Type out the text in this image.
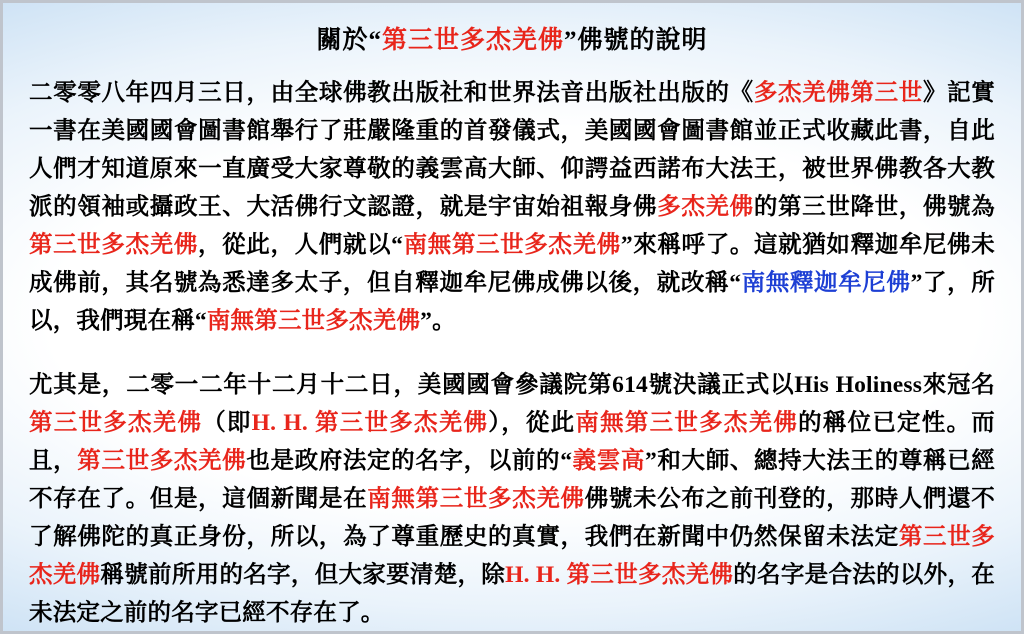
關於“第三世多杰羌佛”佛號的說明

二零零八年四月三日，由全球佛教出版社和世界法音出版社出版的《多杰羌佛第三世》記實一書在美國國會圖書館舉行了莊嚴隆重的首發儀式，美國國會圖書館並正式收藏此書，自此人們才知道原來一直廣受大家尊敬的義雲高大師、仰諤益西諾布大法王，被世界佛教各大教派的領袖或攝政王、大活佛行文認證，就是宇宙始祖報身佛多杰羌佛的第三世降世，佛號為第三世多杰羌佛，從此，人們就以“南無第三世多杰羌佛”來稱呼了。這就猶如釋迦牟尼佛未成佛前，其名號為悉達多太子，但自釋迦牟尼佛成佛以後，就改稱“南無釋迦牟尼佛”了，所以，我們現在稱“南無第三世多杰羌佛”。

尤其是，二零一二年十二月十二日，美國國會參議院第614號決議正式以His Holiness來冠名第三世多杰羌佛（即H. H. 第三世多杰羌佛），從此南無第三世多杰羌佛的稱位已定性。而且，第三世多杰羌佛也是政府法定的名字，以前的“義雲高”和大師、總持大法王的尊稱已經不存在了。但是，這個新聞是在南無第三世多杰羌佛佛號未公布之前刊登的，那時人們還不了解佛陀的真正身份，所以，為了尊重歷史的真實，我們在新聞中仍然保留未法定第三世多杰羌佛稱號前所用的名字，但大家要清楚，除H. H. 第三世多杰羌佛的名字是合法的以外，在未法定之前的名字已經不存在了。
